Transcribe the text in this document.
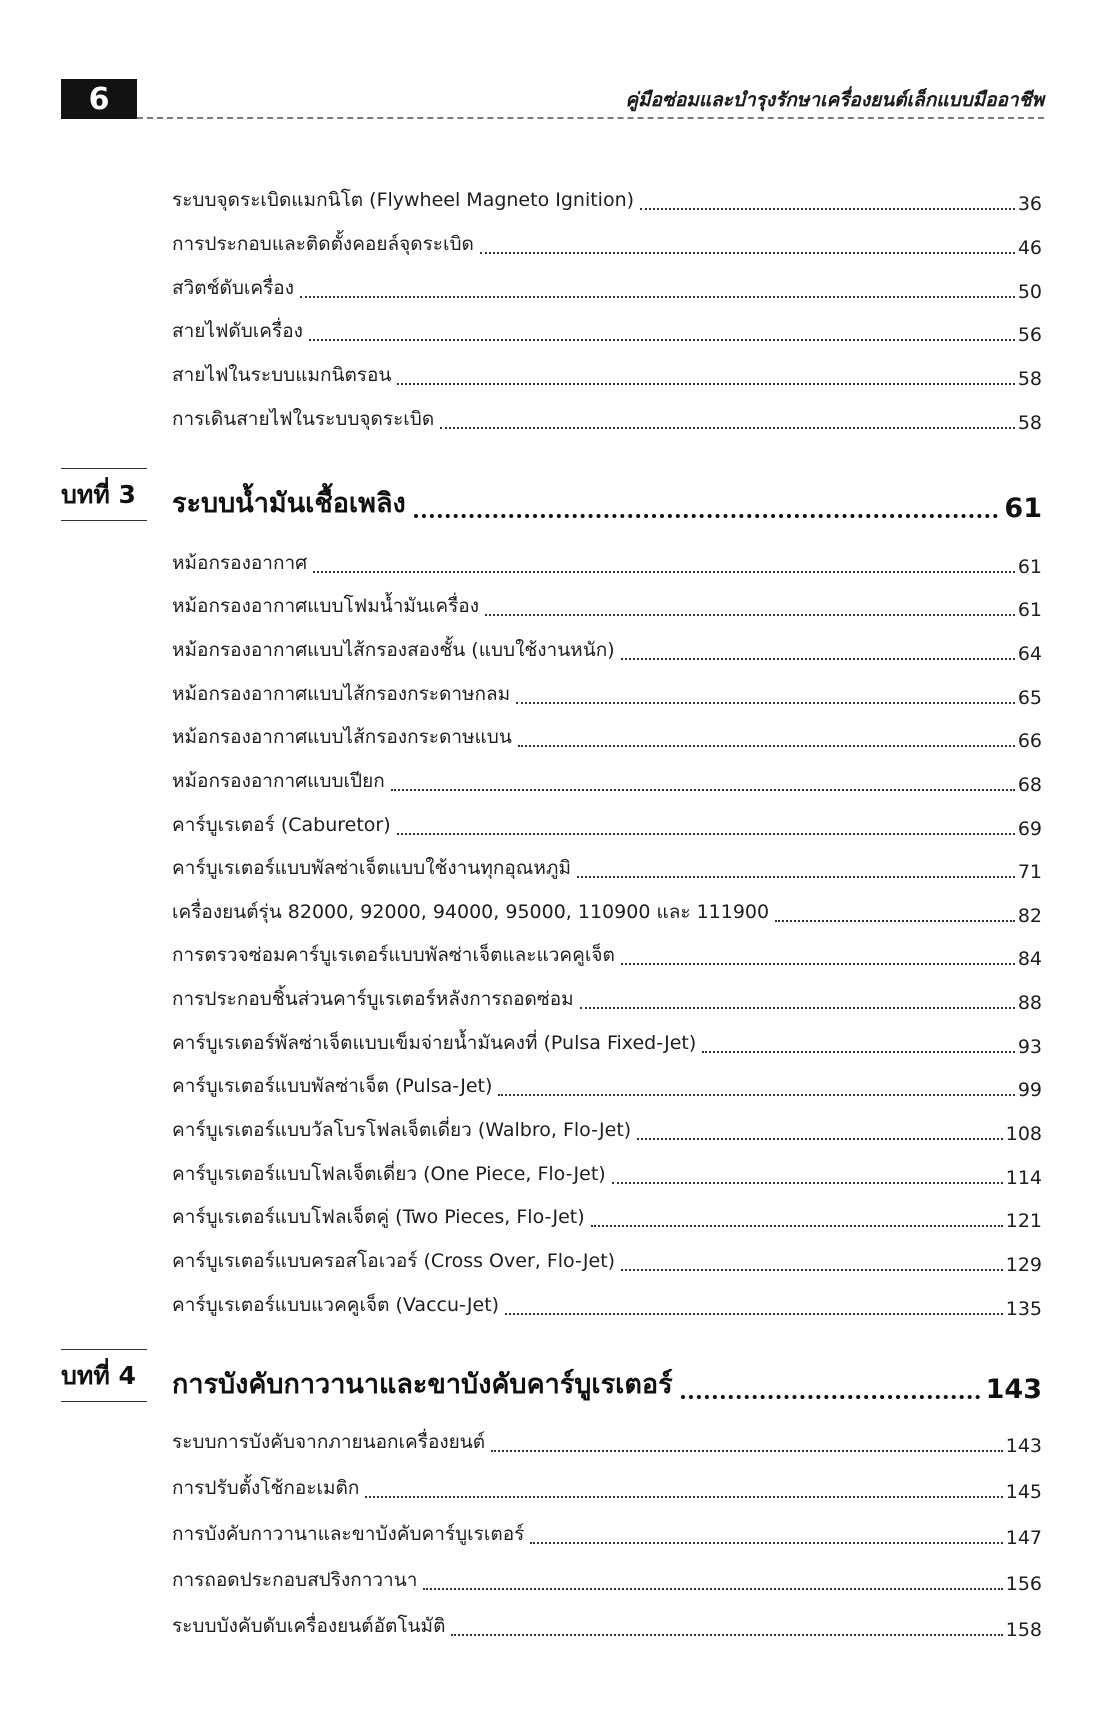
6	คู่มือซ่อมและบำรุงรักษาเครื่องยนต์เล็กแบบมืออาชีพ
ระบบจุดระเบิดแมกนิโต (Flywheel Magneto Ignition)	36
การประกอบและติดตั้งคอยล์จุดระเบิด	46
สวิตช์ดับเครื่อง	50
สายไฟดับเครื่อง	56
สายไฟในระบบแมกนิตรอน	58
การเดินสายไฟในระบบจุดระเบิด	58
บทที่ 3	ระบบน้ำมันเชื้อเพลิง	61
หม้อกรองอากาศ	61
หม้อกรองอากาศแบบโฟมน้ำมันเครื่อง	61
หม้อกรองอากาศแบบไส้กรองสองชั้น (แบบใช้งานหนัก)	64
หม้อกรองอากาศแบบไส้กรองกระดาษกลม	65
หม้อกรองอากาศแบบไส้กรองกระดาษแบน	66
หม้อกรองอากาศแบบเปียก	68
คาร์บูเรเตอร์ (Caburetor)	69
คาร์บูเรเตอร์แบบพัลซ่าเจ็ตแบบใช้งานทุกอุณหภูมิ	71
เครื่องยนต์รุ่น 82000, 92000, 94000, 95000, 110900 และ 111900	82
การตรวจซ่อมคาร์บูเรเตอร์แบบพัลซ่าเจ็ตและแวคคูเจ็ต	84
การประกอบชิ้นส่วนคาร์บูเรเตอร์หลังการถอดซ่อม	88
คาร์บูเรเตอร์พัลซ่าเจ็ตแบบเข็มจ่ายน้ำมันคงที่ (Pulsa Fixed-Jet)	93
คาร์บูเรเตอร์แบบพัลซ่าเจ็ต (Pulsa-Jet)	99
คาร์บูเรเตอร์แบบวัลโบรโฟลเจ็ตเดี่ยว (Walbro, Flo-Jet)	108
คาร์บูเรเตอร์แบบโฟลเจ็ตเดี่ยว (One Piece, Flo-Jet)	114
คาร์บูเรเตอร์แบบโฟลเจ็ตคู่ (Two Pieces, Flo-Jet)	121
คาร์บูเรเตอร์แบบครอสโอเวอร์ (Cross Over, Flo-Jet)	129
คาร์บูเรเตอร์แบบแวคคูเจ็ต (Vaccu-Jet)	135
บทที่ 4	การบังคับกาวานาและขาบังคับคาร์บูเรเตอร์	143
ระบบการบังคับจากภายนอกเครื่องยนต์	143
การปรับตั้งโช้กอะเมติก	145
การบังคับกาวานาและขาบังคับคาร์บูเรเตอร์	147
การถอดประกอบสปริงกาวานา	156
ระบบบังคับดับเครื่องยนต์อัตโนมัติ	158
